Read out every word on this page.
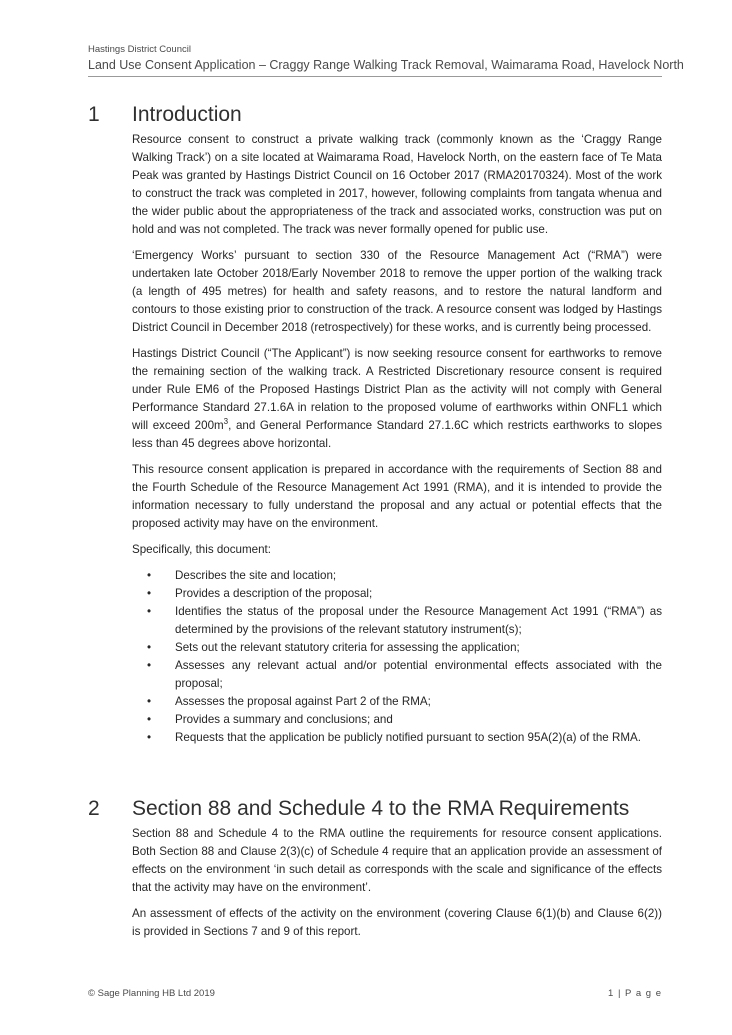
Hastings District Council
Land Use Consent Application – Craggy Range Walking Track Removal, Waimarama Road, Havelock North
1	Introduction

Resource consent to construct a private walking track (commonly known as the ‘Craggy Range Walking Track’) on a site located at Waimarama Road, Havelock North, on the eastern face of Te Mata Peak was granted by Hastings District Council on 16 October 2017 (RMA20170324). Most of the work to construct the track was completed in 2017, however, following complaints from tangata whenua and the wider public about the appropriateness of the track and associated works, construction was put on hold and was not completed. The track was never formally opened for public use.

‘Emergency Works’ pursuant to section 330 of the Resource Management Act (“RMA”) were undertaken late October 2018/Early November 2018 to remove the upper portion of the walking track (a length of 495 metres) for health and safety reasons, and to restore the natural landform and contours to those existing prior to construction of the track. A resource consent was lodged by Hastings District Council in December 2018 (retrospectively) for these works, and is currently being processed.

Hastings District Council (“The Applicant”) is now seeking resource consent for earthworks to remove the remaining section of the walking track. A Restricted Discretionary resource consent is required under Rule EM6 of the Proposed Hastings District Plan as the activity will not comply with General Performance Standard 27.1.6A in relation to the proposed volume of earthworks within ONFL1 which will exceed $200m^3$, and General Performance Standard 27.1.6C which restricts earthworks to slopes less than 45 degrees above horizontal.

This resource consent application is prepared in accordance with the requirements of Section 88 and the Fourth Schedule of the Resource Management Act 1991 (RMA), and it is intended to provide the information necessary to fully understand the proposal and any actual or potential effects that the proposed activity may have on the environment.

Specifically, this document:

• Describes the site and location;
• Provides a description of the proposal;
• Identifies the status of the proposal under the Resource Management Act 1991 (“RMA”) as determined by the provisions of the relevant statutory instrument(s);
• Sets out the relevant statutory criteria for assessing the application;
• Assesses any relevant actual and/or potential environmental effects associated with the proposal;
• Assesses the proposal against Part 2 of the RMA;
• Provides a summary and conclusions; and
• Requests that the application be publicly notified pursuant to section 95A(2)(a) of the RMA.
2	Section 88 and Schedule 4 to the RMA Requirements

Section 88 and Schedule 4 to the RMA outline the requirements for resource consent applications. Both Section 88 and Clause 2(3)(c) of Schedule 4 require that an application provide an assessment of effects on the environment ‘in such detail as corresponds with the scale and significance of the effects that the activity may have on the environment’.

An assessment of effects of the activity on the environment (covering Clause 6(1)(b) and Clause 6(2)) is provided in Sections 7 and 9 of this report.

© Sage Planning HB Ltd 2019	1 | P a g e
